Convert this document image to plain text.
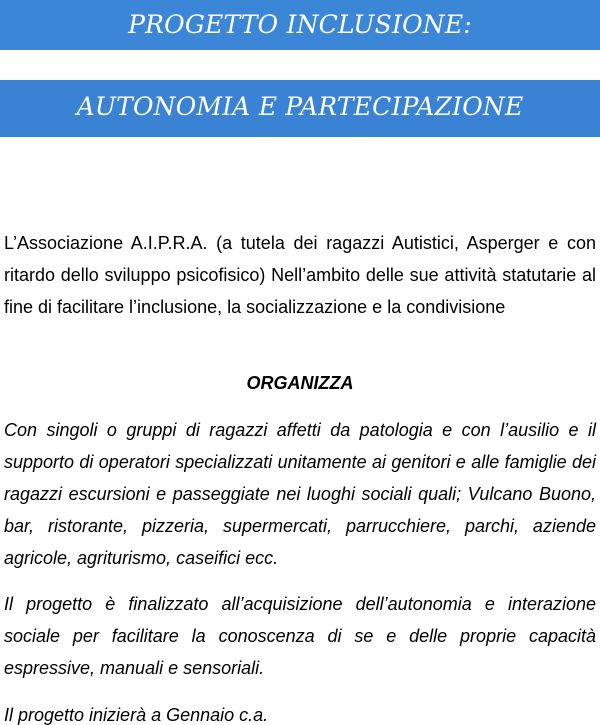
PROGETTO INCLUSIONE:
AUTONOMIA E PARTECIPAZIONE
L’Associazione A.I.P.R.A. (a tutela dei ragazzi Autistici, Asperger e con ritardo dello sviluppo psicofisico) Nell’ambito delle sue attività statutarie al fine di facilitare l’inclusione, la socializzazione e la condivisione
ORGANIZZA
Con singoli o gruppi di ragazzi affetti da patologia e con l’ausilio e il supporto di operatori specializzati unitamente ai genitori e alle famiglie dei ragazzi escursioni e passeggiate nei luoghi sociali quali; Vulcano Buono, bar, ristorante, pizzeria, supermercati, parrucchiere, parchi, aziende agricole, agriturismo, caseifici ecc.
Il progetto è finalizzato all’acquisizione dell’autonomia e interazione sociale per facilitare la conoscenza di se e delle proprie capacità espressive, manuali e sensoriali.
Il progetto inizierà a Gennaio c.a.
